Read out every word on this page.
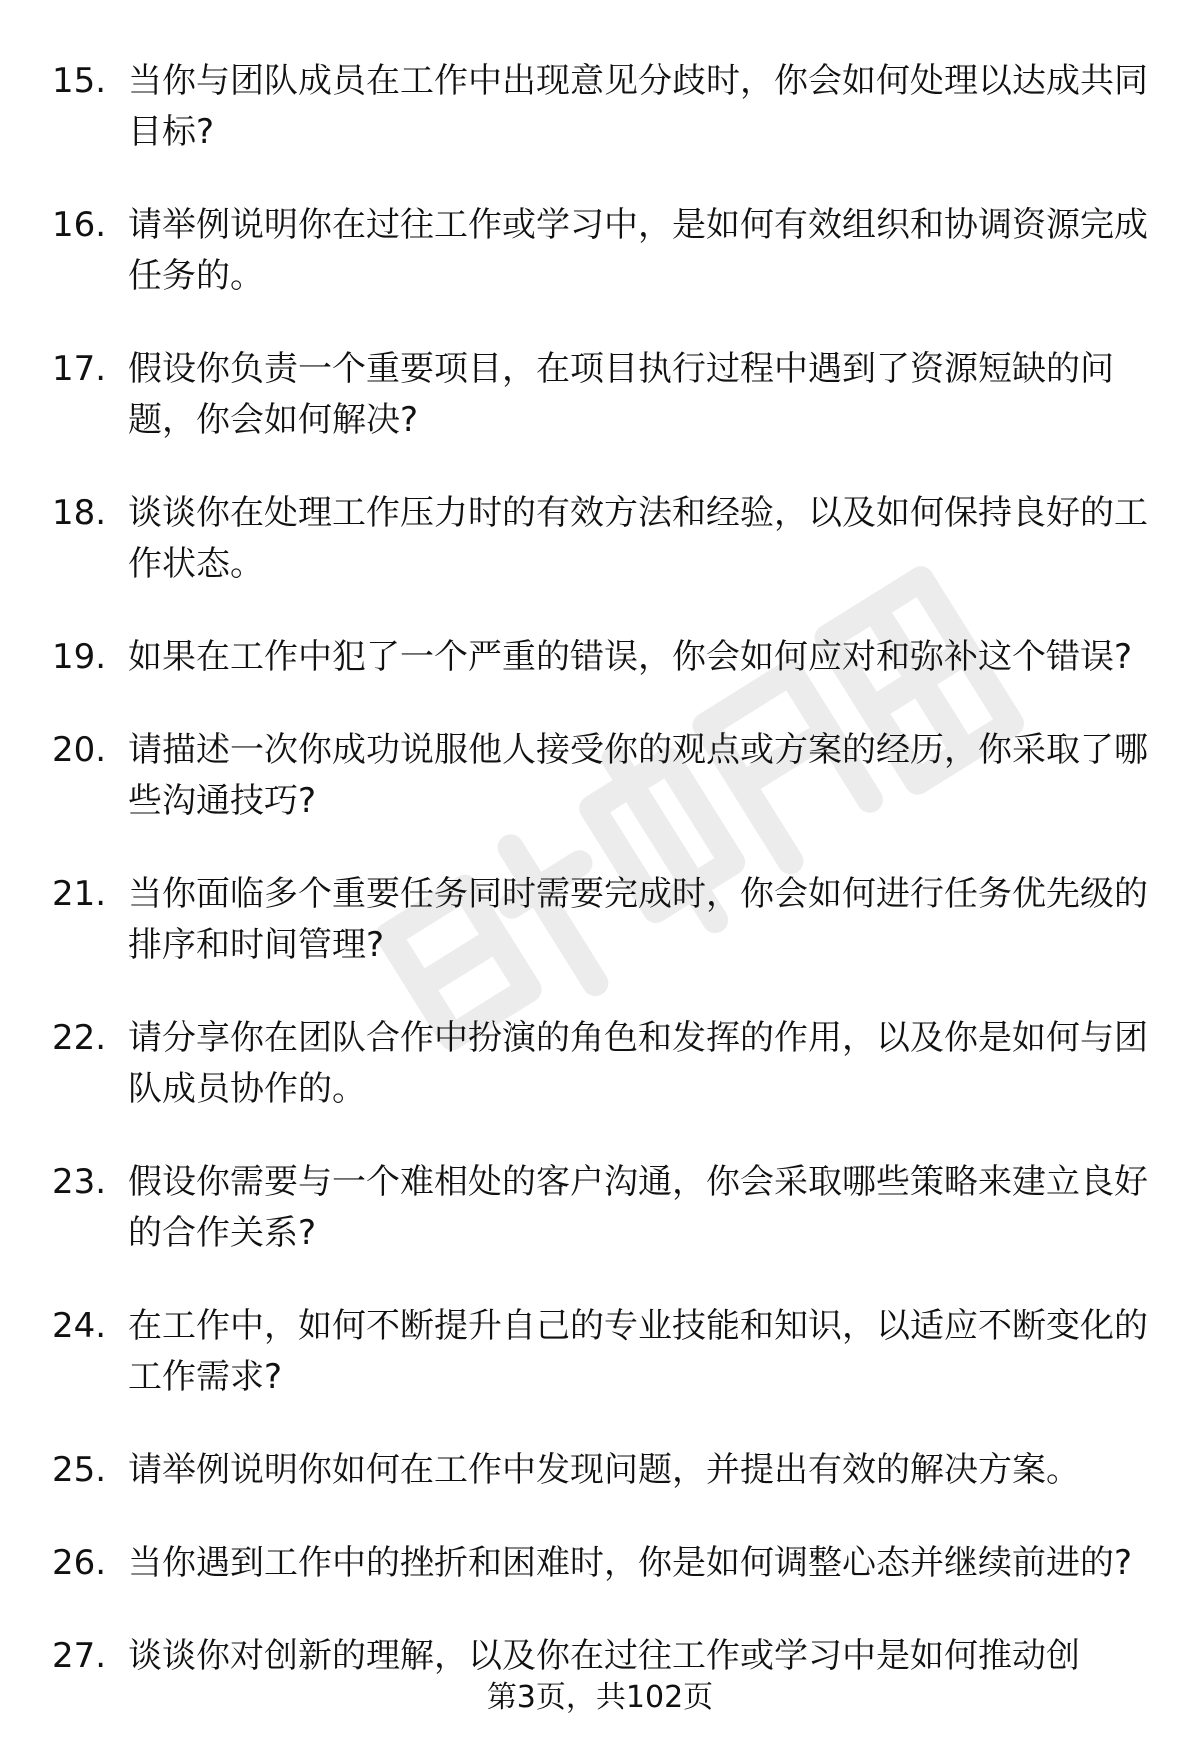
15. 当你与团队成员在工作中出现意见分歧时，你会如何处理以达成共同目标?
16. 请举例说明你在过往工作或学习中，是如何有效组织和协调资源完成任务的。
17. 假设你负责一个重要项目，在项目执行过程中遇到了资源短缺的问题，你会如何解决?
18. 谈谈你在处理工作压力时的有效方法和经验，以及如何保持良好的工作状态。
19. 如果在工作中犯了一个严重的错误，你会如何应对和弥补这个错误?
20. 请描述一次你成功说服他人接受你的观点或方案的经历，你采取了哪些沟通技巧?
21. 当你面临多个重要任务同时需要完成时，你会如何进行任务优先级的排序和时间管理?
22. 请分享你在团队合作中扮演的角色和发挥的作用，以及你是如何与团队成员协作的。
23. 假设你需要与一个难相处的客户沟通，你会采取哪些策略来建立良好的合作关系?
24. 在工作中，如何不断提升自己的专业技能和知识，以适应不断变化的工作需求?
25. 请举例说明你如何在工作中发现问题，并提出有效的解决方案。
26. 当你遇到工作中的挫折和困难时，你是如何调整心态并继续前进的?
27. 谈谈你对创新的理解，以及你在过往工作或学习中是如何推动创
第3页，共102页
